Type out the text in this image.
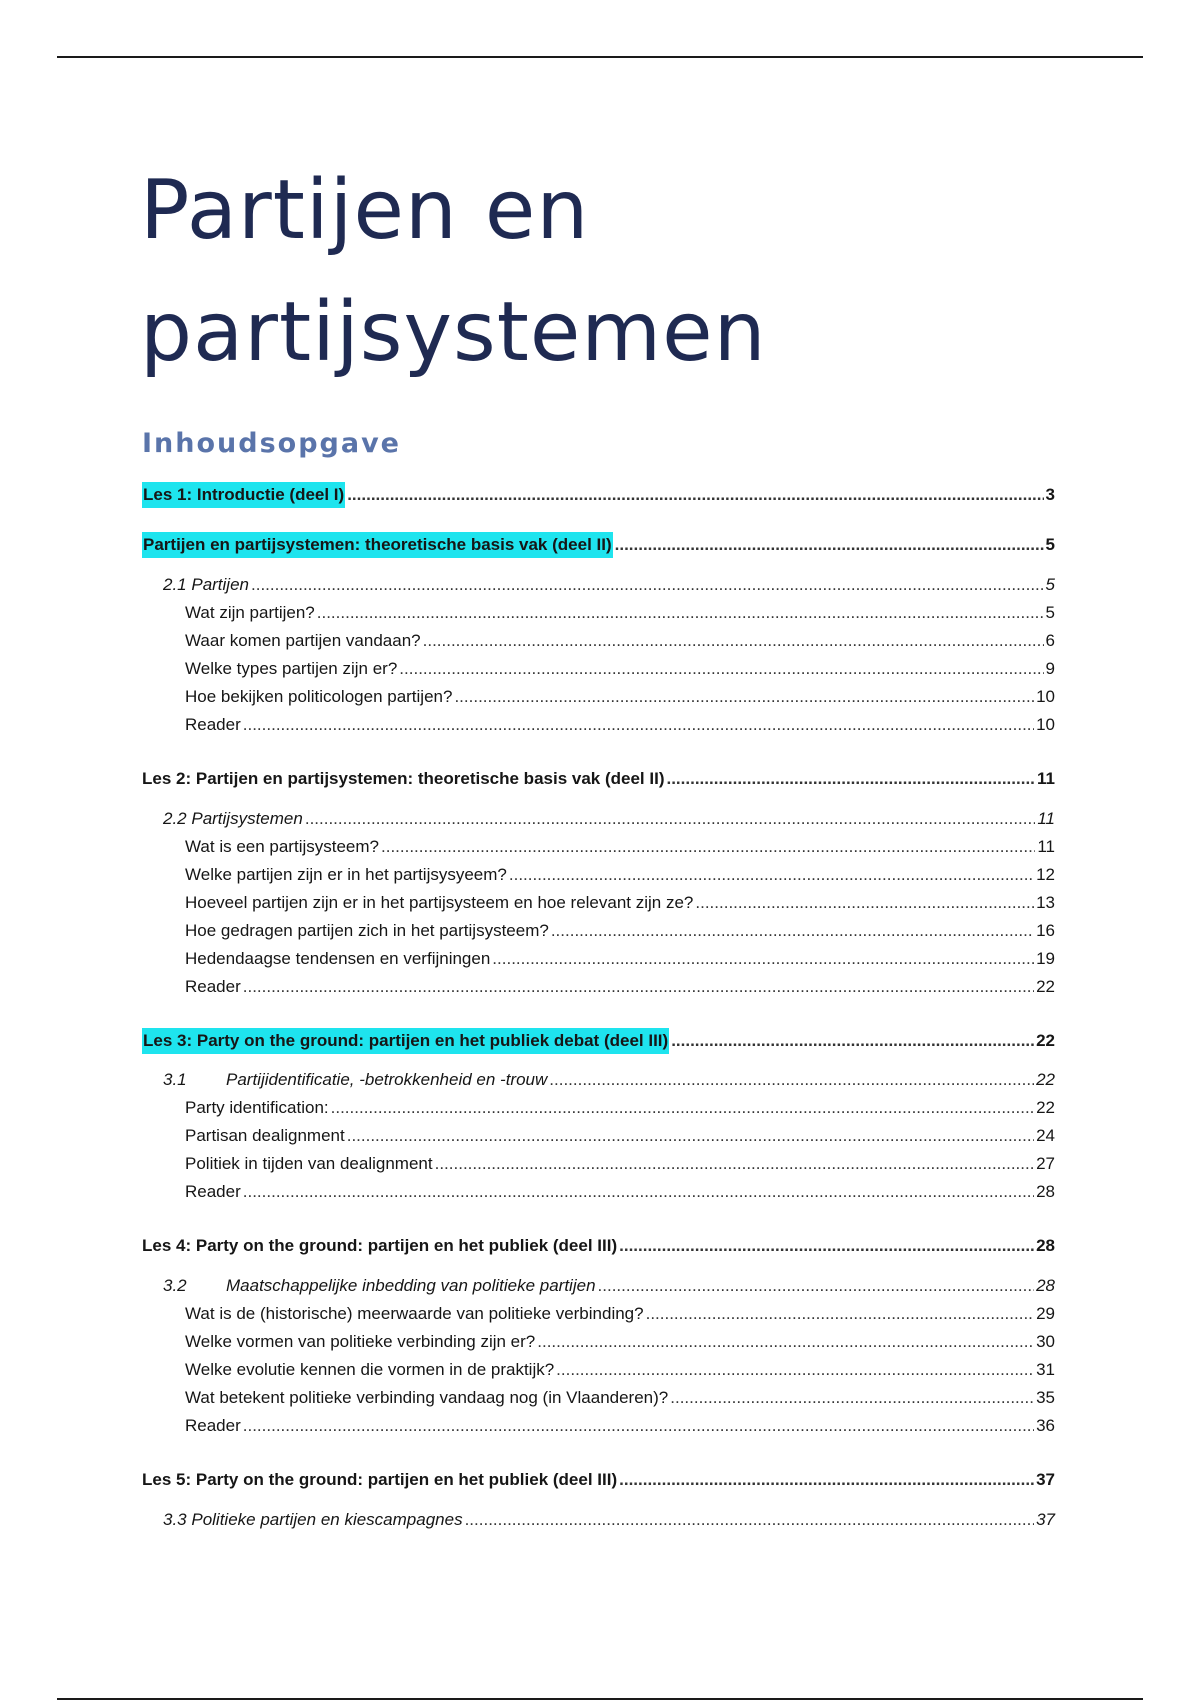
Partijen en
partijsystemen
Inhoudsopgave
Les 1: Introductie (deel I) .....	3
Partijen en partijsystemen: theoretische basis vak (deel II) .....	5
2.1 Partijen .....	5
Wat zijn partijen? .....	5
Waar komen partijen vandaan? .....	6
Welke types partijen zijn er? .....	9
Hoe bekijken politicologen partijen? .....	10
Reader .....	10
Les 2: Partijen en partijsystemen: theoretische basis vak (deel II) .....	11
2.2 Partijsystemen .....	11
Wat is een partijsysteem? .....	11
Welke partijen zijn er in het partijsysyeem? .....	12
Hoeveel partijen zijn er in het partijsysteem en hoe relevant zijn ze? .....	13
Hoe gedragen partijen zich in het partijsysteem? .....	16
Hedendaagse tendensen en verfijningen .....	19
Reader .....	22
Les 3: Party on the ground: partijen en het publiek debat (deel III) .....	22
3.1 Partijidentificatie, -betrokkenheid en -trouw .....	22
Party identification: .....	22
Partisan dealignment .....	24
Politiek in tijden van dealignment .....	27
Reader .....	28
Les 4: Party on the ground: partijen en het publiek (deel III) .....	28
3.2 Maatschappelijke inbedding van politieke partijen .....	28
Wat is de (historische) meerwaarde van politieke verbinding? .....	29
Welke vormen van politieke verbinding zijn er? .....	30
Welke evolutie kennen die vormen in de praktijk? .....	31
Wat betekent politieke verbinding vandaag nog (in Vlaanderen)? .....	35
Reader .....	36
Les 5: Party on the ground: partijen en het publiek (deel III) .....	37
3.3 Politieke partijen en kiescampagnes .....	37
